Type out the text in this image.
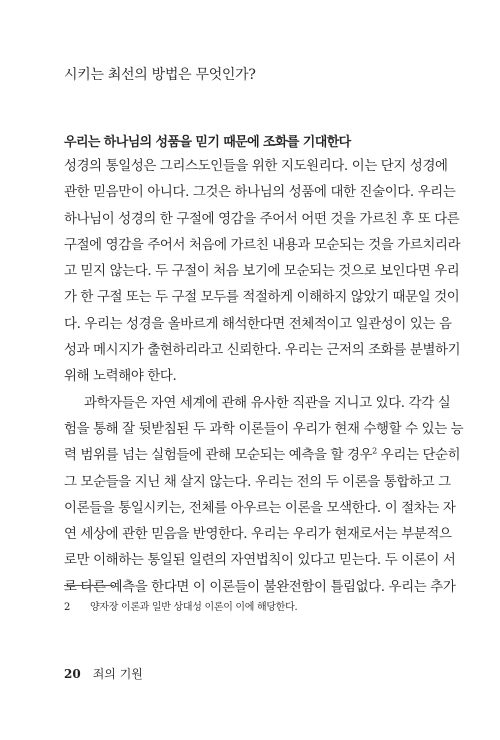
시키는 최선의 방법은 무엇인가?
우리는 하나님의 성품을 믿기 때문에 조화를 기대한다

성경의 통일성은 그리스도인들을 위한 지도원리다. 이는 단지 성경에
관한 믿음만이 아니다. 그것은 하나님의 성품에 대한 진술이다. 우리는
하나님이 성경의 한 구절에 영감을 주어서 어떤 것을 가르친 후 또 다른
구절에 영감을 주어서 처음에 가르친 내용과 모순되는 것을 가르치리라
고 믿지 않는다. 두 구절이 처음 보기에 모순되는 것으로 보인다면 우리
가 한 구절 또는 두 구절 모두를 적절하게 이해하지 않았기 때문일 것이
다. 우리는 성경을 올바르게 해석한다면 전체적이고 일관성이 있는 음
성과 메시지가 출현하리라고 신뢰한다. 우리는 근저의 조화를 분별하기
위해 노력해야 한다.

과학자들은 자연 세계에 관해 유사한 직관을 지니고 있다. 각각 실
험을 통해 잘 뒷받침된 두 과학 이론들이 우리가 현재 수행할 수 있는 능
력 범위를 넘는 실험들에 관해 모순되는 예측을 할 경우$^2$ 우리는 단순히
그 모순들을 지닌 채 살지 않는다. 우리는 전의 두 이론을 통합하고 그
이론들을 통일시키는, 전체를 아우르는 이론을 모색한다. 이 절차는 자
연 세상에 관한 믿음을 반영한다. 우리는 우리가 현재로서는 부분적으
로만 이해하는 통일된 일련의 자연법칙이 있다고 믿는다. 두 이론이 서
로 다른 예측을 한다면 이 이론들이 불완전함이 틀림없다. 우리는 추가

2 양자장 이론과 일반 상대성 이론이 이에 해당한다.
20 죄의 기원
